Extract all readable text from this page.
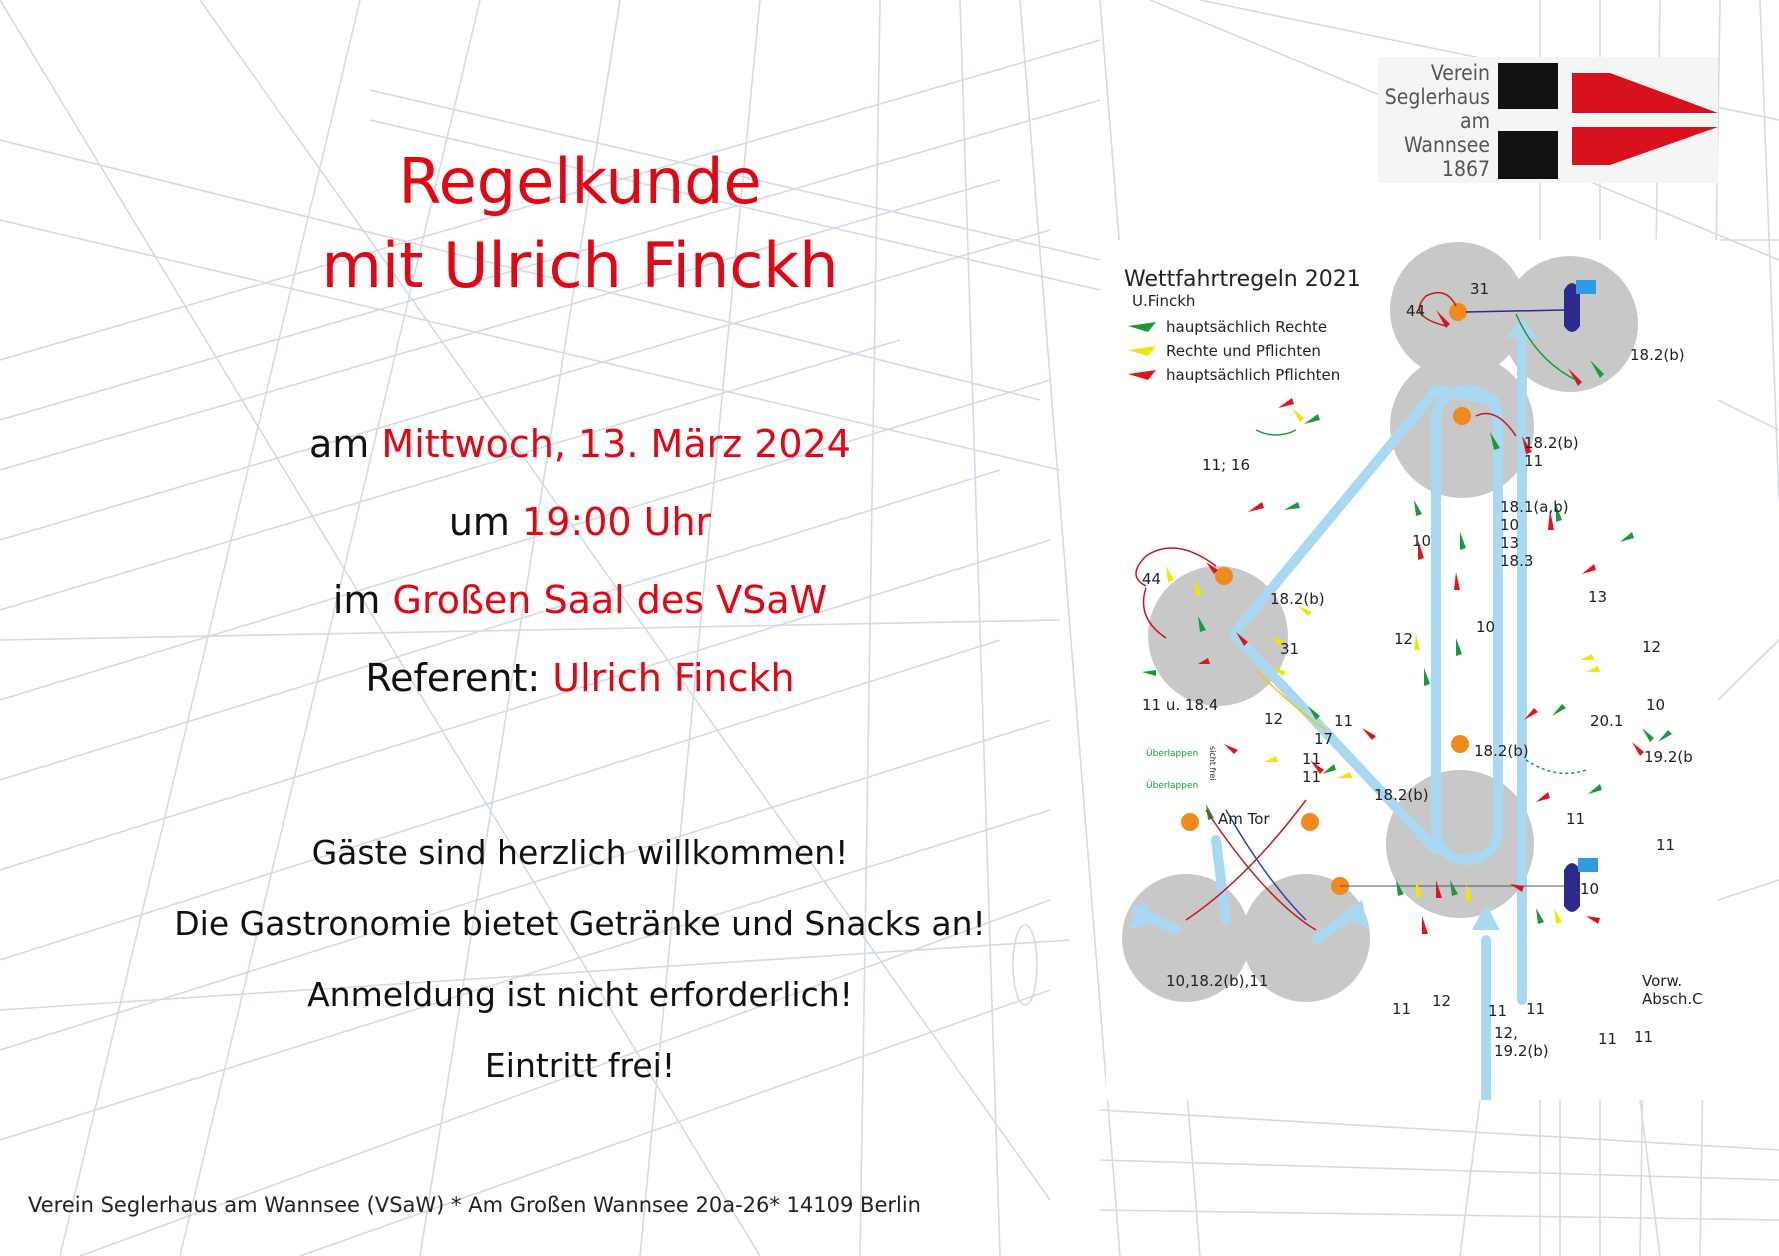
Regelkunde
mit Ulrich Finckh
am Mittwoch, 13. März 2024
um 19:00 Uhr
im Großen Saal des VSaW
Referent: Ulrich Finckh
Gäste sind herzlich willkommen!
Die Gastronomie bietet Getränke und Snacks an!
Anmeldung ist nicht erforderlich!
Eintritt frei!
Verein Seglerhaus am Wannsee (VSaW) * Am Großen Wannsee 20a-26* 14109 Berlin
Verein
Seglerhaus
am
Wannsee
1867
Wettfahrtregeln 2021
U.Finckh
hauptsächlich Rechte
Rechte und Pflichten
hauptsächlich Pflichten
31
44
18.2(b)
18.2(b)
11
11; 16
18.1(a,b)
10
13
18.3
10
13
44
18.2(b)
31
12
10
12
11 u. 18.4
12	11
17
20.1
10
19.2(b
11
11
18.2(b)
18.2(b)
Überlappen
Überlappen
sicht frei
Am Tor	11
11
10,18.2(b),11
10
11 12
11 11
12,
19.2(b)
11 11
Vorw.
Absch.C
